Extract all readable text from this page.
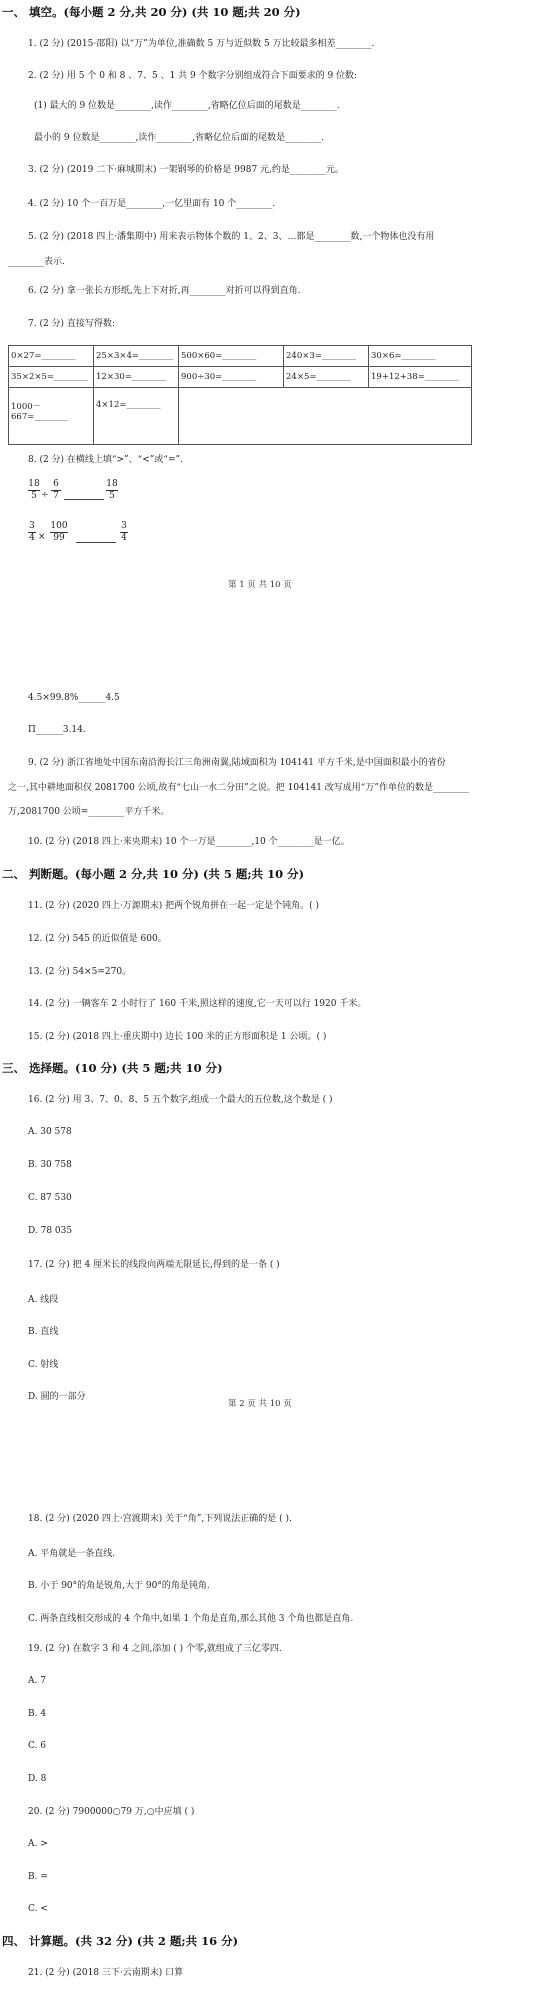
一、 填空。(每小题 2 分,共 20 分) (共 10 题;共 20 分)
1. (2 分) (2015·邵阳) 以“万”为单位,准确数 5 万与近似数 5 万比较最多相差________.
2. (2 分) 用 5 个 0 和 8 、7、5 、1 共 9 个数字分别组成符合下面要求的 9 位数:
(1) 最大的 9 位数是________,读作________,省略亿位后面的尾数是________.
最小的 9 位数是________,读作________,省略亿位后面的尾数是________.
3. (2 分) (2019 二下·麻城期末) 一架钢琴的价格是 9987 元,约是________元。
4. (2 分) 10 个一百万是________,一亿里面有 10 个________.
5. (2 分) (2018 四上·潘集期中) 用来表示物体个数的 1、2、3、…都是________数,一个物体也没有用
________表示.
6. (2 分) 拿一张长方形纸,先上下对折,再________对折可以得到直角.
7. (2 分) 直接写得数:
0×27=________	25×3×4=________	500×60=________	240×3=________	30×6=________
35×2×5=________	12×30=________	900÷30=________	24×5=________	19+12+38=________
1000－667=________	4×12=________			
8. (2 分) 在横线上填“>”、“<”或“=”.
18
5 ÷
6
7
18
5
3
4 ×
100
99
3
4
第 1 页 共 10 页
4.5×99.8%______4.5
Π______3.14.
9. (2 分) 浙江省地处中国东南沿海长江三角洲南翼,陆域面积为 104141 平方千米,是中国面积最小的省份
之一,其中耕地面积仅 2081700 公顷,故有“七山一水二分田”之说。把 104141 改写成用“万”作单位的数是________
万,2081700 公顷=________平方千米。
10. (2 分) (2018 四上·来央期末) 10 个一万是________,10 个________是一亿。
二、 判断题。(每小题 2 分,共 10 分) (共 5 题;共 10 分)
11. (2 分) (2020 四上·万源期末) 把两个锐角拼在一起一定是个钝角。( )
12. (2 分) 545 的近似值是 600。
13. (2 分) 54×5=270。
14. (2 分) 一辆客车 2 小时行了 160 千米,照这样的速度,它一天可以行 1920 千米。
15. (2 分) (2018 四上·重庆期中) 边长 100 米的正方形面积是 1 公顷。( )
三、 选择题。(10 分) (共 5 题;共 10 分)
16. (2 分) 用 3、7、0、8、5 五个数字,组成一个最大的五位数,这个数是 ( )
A. 30 578
B. 30 758
C. 87 530
D. 78 035
17. (2 分) 把 4 厘米长的线段向两端无限延长,得到的是一条 ( )
A. 线段
B. 直线
C. 射线
D. 圆的一部分
第 2 页 共 10 页
18. (2 分) (2020 四上·宫渡期末) 关于“角”,下列说法正确的是 ( ).
A. 平角就是一条直线.
B. 小于 90°的角是锐角,大于 90°的角是钝角.
C. 两条直线相交形成的 4 个角中,如果 1 个角是直角,那么其他 3 个角也都是直角.
19. (2 分) 在数字 3 和 4 之间,添加 ( ) 个零,就组成了三亿零四.
A. 7
B. 4
C. 6
D. 8
20. (2 分) 7900000○79 万,○中应填 ( )
A. >
B. =
C. <
四、 计算题。(共 32 分) (共 2 题;共 16 分)
21. (2 分) (2018 三下·云南期末) 口算
